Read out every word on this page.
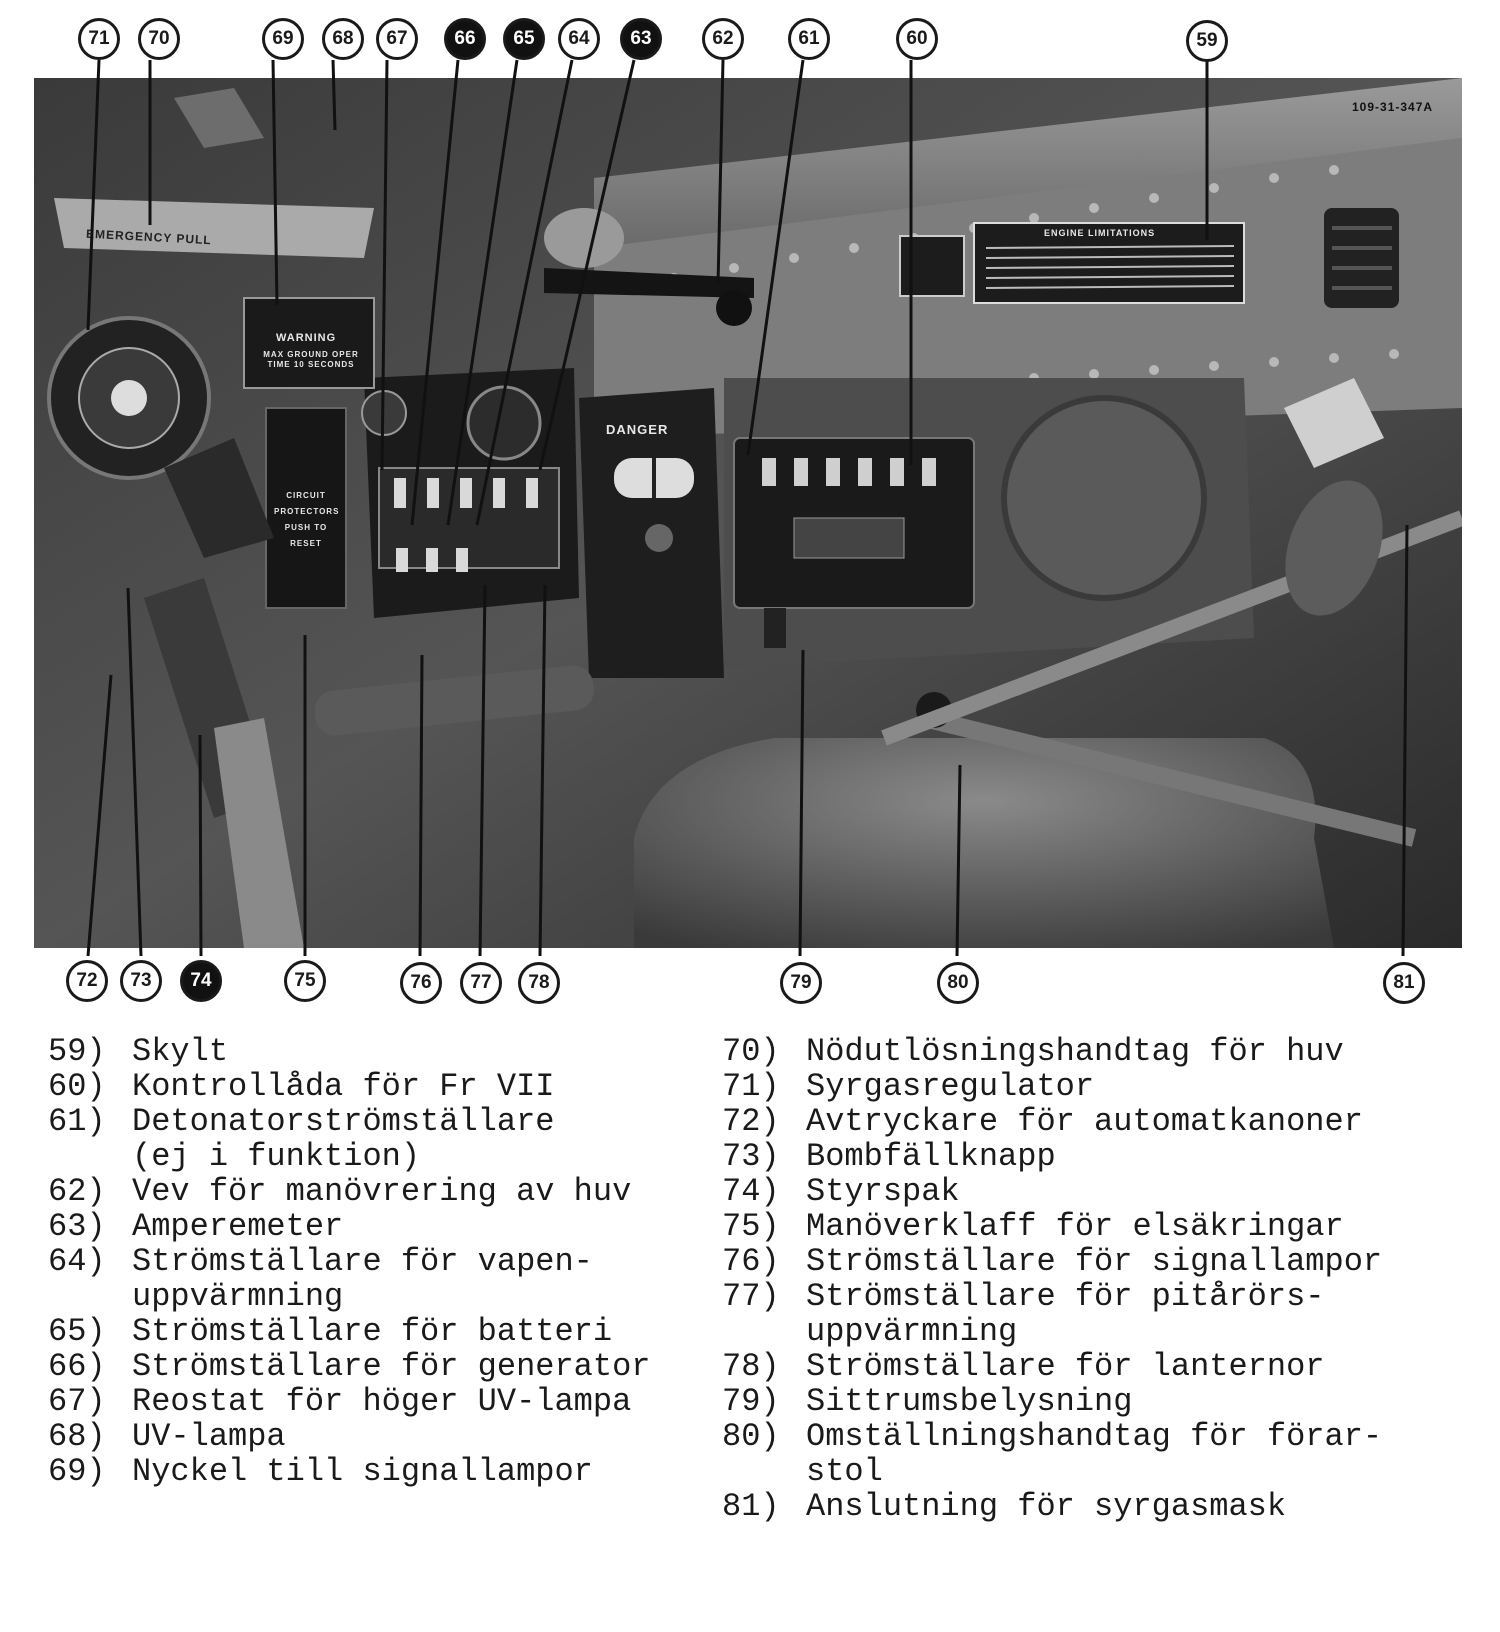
DANGER
WARNING
MAX GROUND OPER TIME 10 SECONDS
EMERGENCY PULL
CIRCUIT PROTECTORS PUSH TO RESET
ENGINE LIMITATIONS
109-31-347A
71 70	69 68 67 66 65 64 63	62	61	60	59
72 73 74	75	76 77 78	79	80	81
59) Skylt
60) Kontrollåda för Fr VII
61) Detonatorströmställare
(ej i funktion)
62) Vev för manövrering av huv
63) Amperemeter
64) Strömställare för vapen-
uppvärmning
65) Strömställare för batteri
66) Strömställare för generator
67) Reostat för höger UV-lampa
68) UV-lampa
69) Nyckel till signallampor
70) Nödutlösningshandtag för huv
71) Syrgasregulator
72) Avtryckare för automatkanoner
73) Bombfällknapp
74) Styrspak
75) Manöverklaff för elsäkringar
76) Strömställare för signallampor
77) Strömställare för pitårörs-
uppvärmning
78) Strömställare för lanternor
79) Sittrumsbelysning
80) Omställningshandtag för förar-
stol
81) Anslutning för syrgasmask
